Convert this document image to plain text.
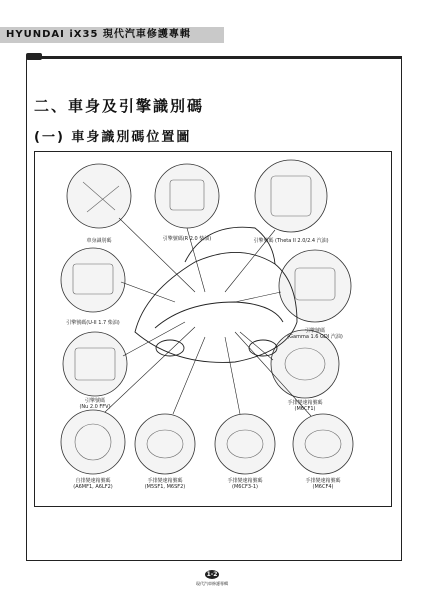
HYUNDAI iX35 現代汽車修護專輯
二、車身及引擎識別碼
(一) 車身識別碼位置圖
車身識別碼	引擎號碼(R 2.0 柴油)	引擎號碼 (Theta II 2.0/2.4 汽油)
引擎號碼(U-II 1.7 柴油)
引擎號碼
(Gamma 1.6 GDI 汽油)
引擎號碼
(Nu 2.0 FFV)
手排變速箱號碼
(M6CF1)
自排變速箱號碼
(A6MF1, A6LF2)
手排變速箱號碼
(M5SF1, M6SF2)
手排變速箱號碼
(M6CF3-1)
手排變速箱號碼
(M6CF4)
1-2
現代汽車修護專輯
